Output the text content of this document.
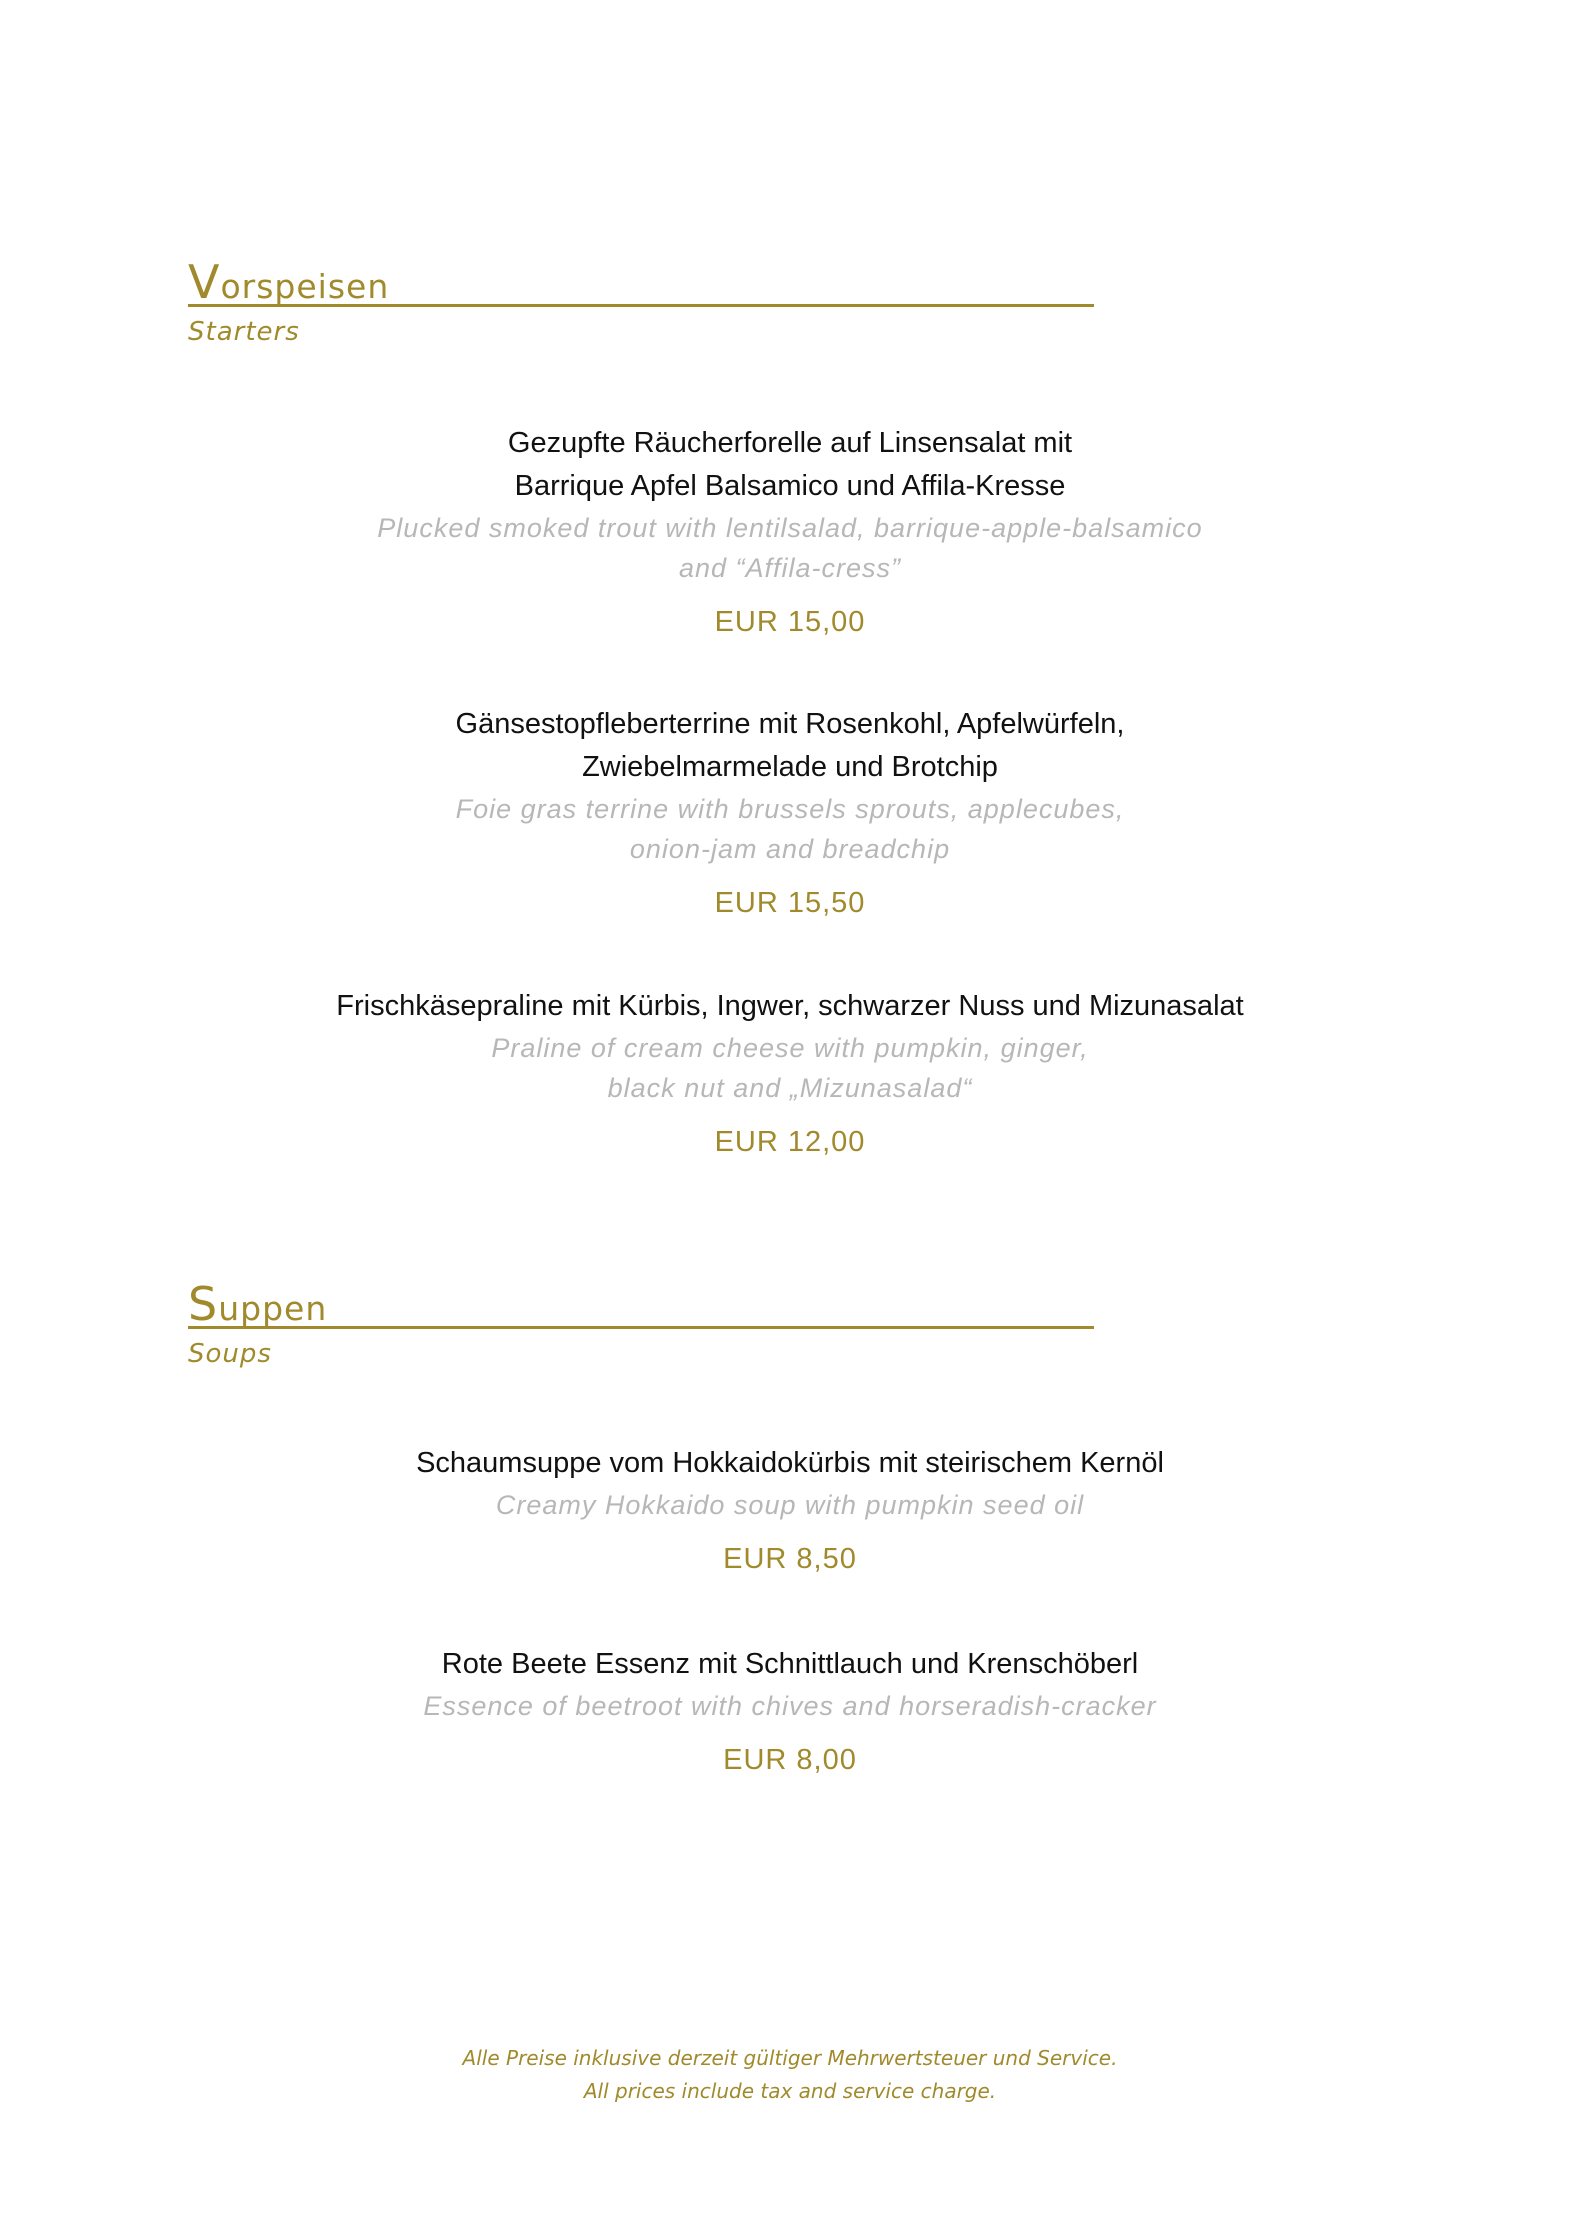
Vorspeisen
Starters
Gezupfte Räucherforelle auf Linsensalat mit
Barrique Apfel Balsamico und Affila-Kresse
Plucked smoked trout with lentilsalad, barrique-apple-balsamico
and “Affila-cress”
EUR 15,00
Gänsestopfleberterrine mit Rosenkohl, Apfelwürfeln,
Zwiebelmarmelade und Brotchip
Foie gras terrine with brussels sprouts, applecubes,
onion-jam and breadchip
EUR 15,50
Frischkäsepraline mit Kürbis, Ingwer, schwarzer Nuss und Mizunasalat
Praline of cream cheese with pumpkin, ginger,
black nut and „Mizunasalad“
EUR 12,00
Suppen
Soups
Schaumsuppe vom Hokkaidokürbis mit steirischem Kernöl
Creamy Hokkaido soup with pumpkin seed oil
EUR 8,50
Rote Beete Essenz mit Schnittlauch und Krenschöberl
Essence of beetroot with chives and horseradish-cracker
EUR 8,00
Alle Preise inklusive derzeit gültiger Mehrwertsteuer und Service.
All prices include tax and service charge.
